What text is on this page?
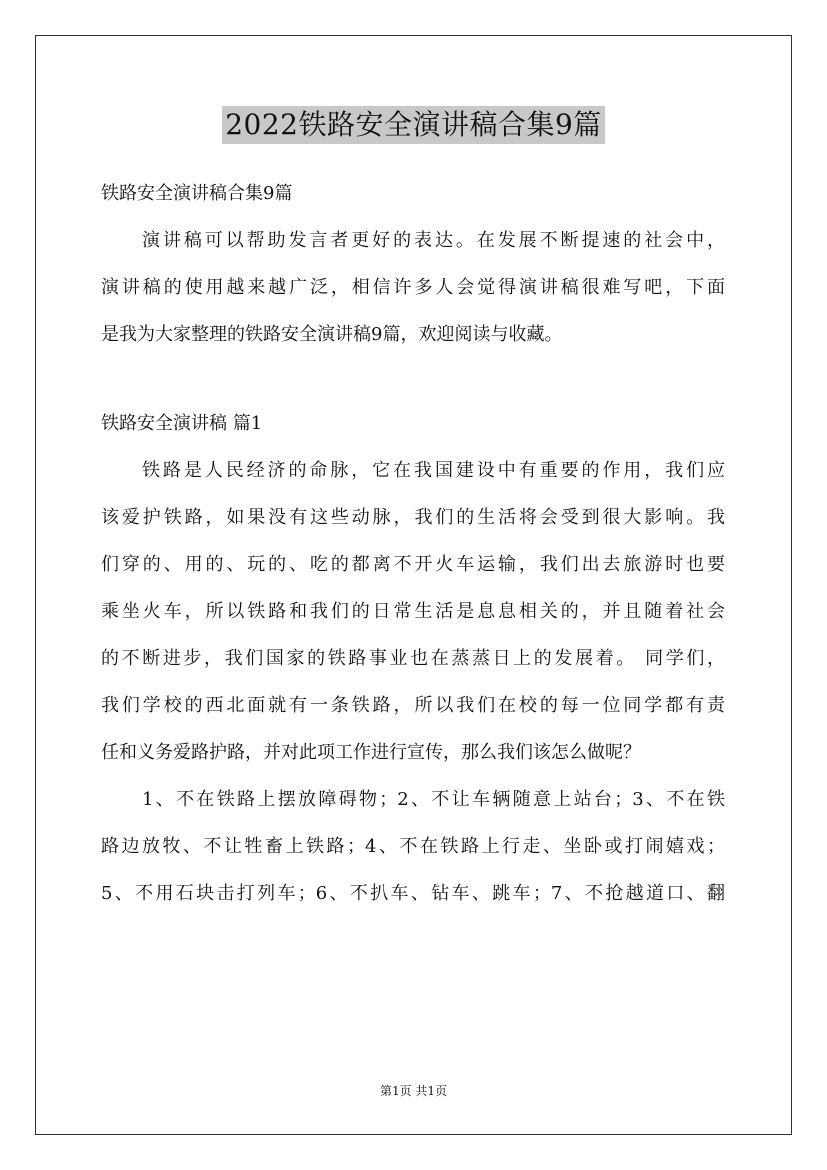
2022铁路安全演讲稿合集9篇

铁路安全演讲稿合集9篇

演讲稿可以帮助发言者更好的表达。在发展不断提速的社会中，

演讲稿的使用越来越广泛，相信许多人会觉得演讲稿很难写吧，下面

是我为大家整理的铁路安全演讲稿9篇，欢迎阅读与收藏。

铁路安全演讲稿 篇1

铁路是人民经济的命脉，它在我国建设中有重要的作用，我们应

该爱护铁路，如果没有这些动脉，我们的生活将会受到很大影响。我

们穿的、用的、玩的、吃的都离不开火车运输，我们出去旅游时也要

乘坐火车，所以铁路和我们的日常生活是息息相关的，并且随着社会

的不断进步，我们国家的铁路事业也在蒸蒸日上的发展着。 同学们，

我们学校的西北面就有一条铁路，所以我们在校的每一位同学都有责

任和义务爱路护路，并对此项工作进行宣传，那么我们该怎么做呢？

1、不在铁路上摆放障碍物；2、不让车辆随意上站台；3、不在铁

路边放牧、不让牲畜上铁路；4、不在铁路上行走、坐卧或打闹嬉戏；

5、不用石块击打列车；6、不扒车、钻车、跳车；7、不抢越道口、翻

第1页 共1页
